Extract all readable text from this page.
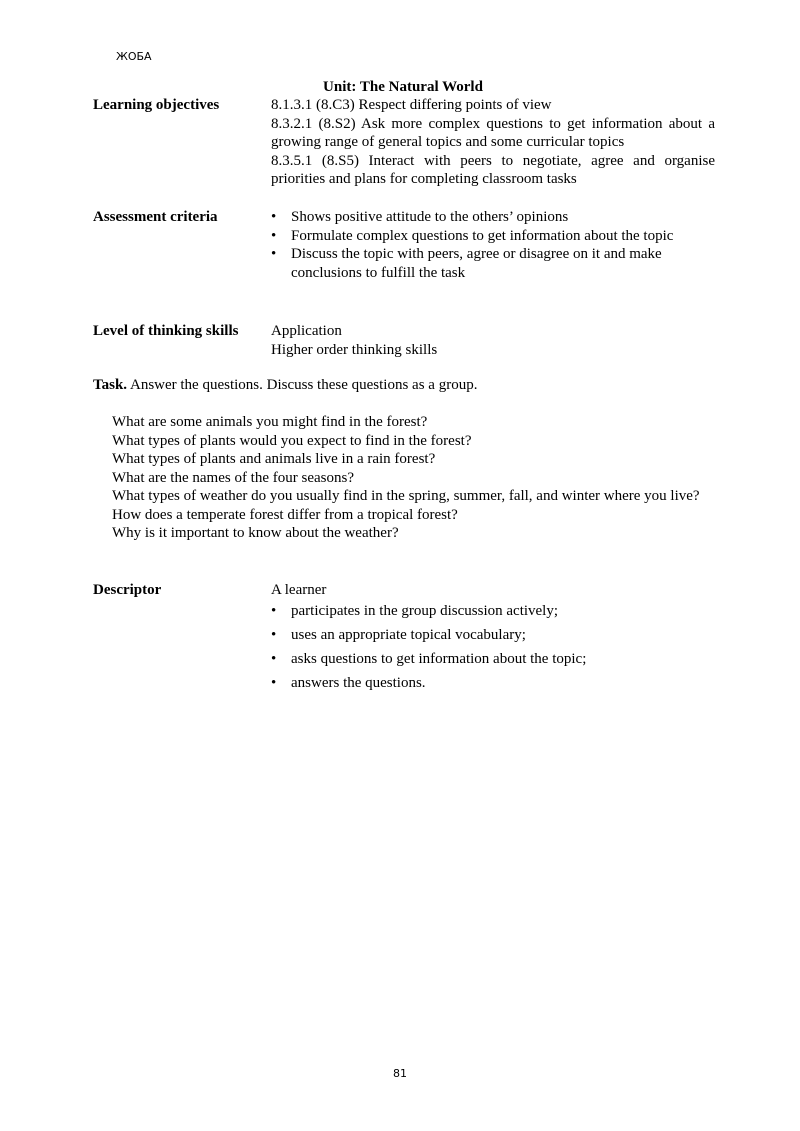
ЖОБА
Unit: The Natural World
Learning objectives	8.1.3.1 (8.C3) Respect differing points of view
8.3.2.1 (8.S2) Ask more complex questions to get information about a growing range of general topics and some curricular topics
8.3.5.1 (8.S5) Interact with peers to negotiate, agree and organise priorities and plans for completing classroom tasks
Assessment criteria
•	Shows positive attitude to the others’ opinions
• Formulate complex questions to get information about the topic
• Discuss the topic with peers, agree or disagree on it and make conclusions to fulfill the task
Level of thinking skills	Application
Higher order thinking skills
Task. Answer the questions. Discuss these questions as a group.
What are some animals you might find in the forest?
What types of plants would you expect to find in the forest?
What types of plants and animals live in a rain forest?
What are the names of the four seasons?
What types of weather do you usually find in the spring, summer, fall, and winter where you live?
How does a temperate forest differ from a tropical forest?
Why is it important to know about the weather?
Descriptor	A learner
• participates in the group discussion actively;
• uses an appropriate topical vocabulary;
• asks questions to get information about the topic;
• answers the questions.
81
